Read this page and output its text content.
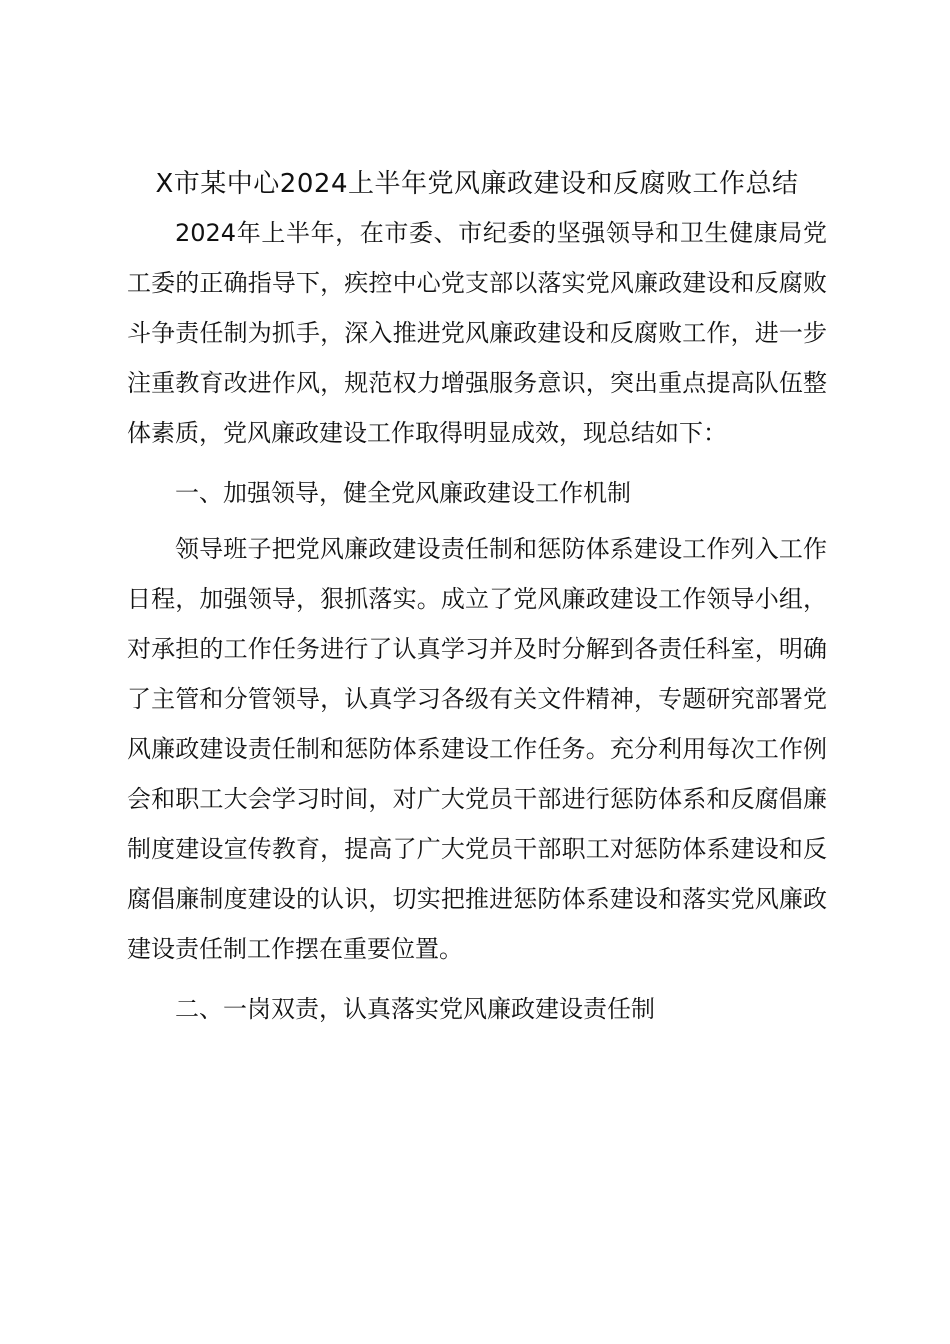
X市某中心2024上半年党风廉政建设和反腐败工作总结

2024年上半年，在市委、市纪委的坚强领导和卫生健康局党工委的正确指导下，疾控中心党支部以落实党风廉政建设和反腐败斗争责任制为抓手，深入推进党风廉政建设和反腐败工作，进一步注重教育改进作风，规范权力增强服务意识，突出重点提高队伍整体素质，党风廉政建设工作取得明显成效，现总结如下：

一、加强领导，健全党风廉政建设工作机制

领导班子把党风廉政建设责任制和惩防体系建设工作列入工作日程，加强领导，狠抓落实。成立了党风廉政建设工作领导小组，对承担的工作任务进行了认真学习并及时分解到各责任科室，明确了主管和分管领导，认真学习各级有关文件精神，专题研究部署党风廉政建设责任制和惩防体系建设工作任务。充分利用每次工作例会和职工大会学习时间，对广大党员干部进行惩防体系和反腐倡廉制度建设宣传教育，提高了广大党员干部职工对惩防体系建设和反腐倡廉制度建设的认识，切实把推进惩防体系建设和落实党风廉政建设责任制工作摆在重要位置。

二、一岗双责，认真落实党风廉政建设责任制
